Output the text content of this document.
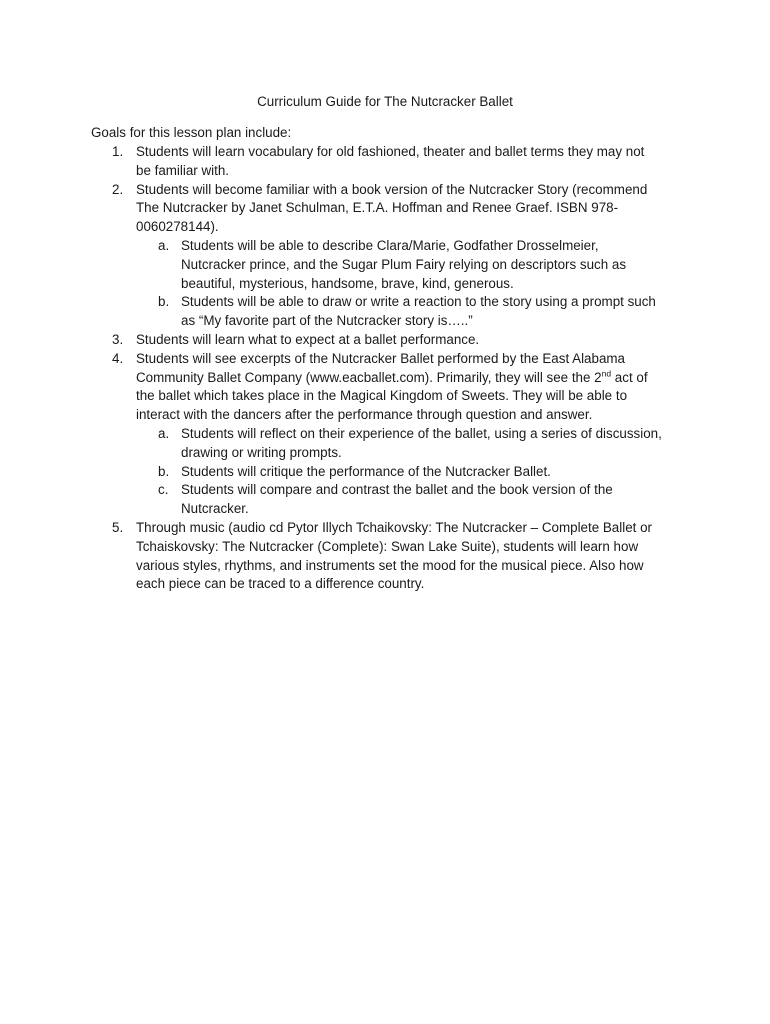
Curriculum Guide for The Nutcracker Ballet

Goals for this lesson plan include:

1. Students will learn vocabulary for old fashioned, theater and ballet terms they may not
be familiar with.
2. Students will become familiar with a book version of the Nutcracker Story (recommend
The Nutcracker by Janet Schulman, E.T.A. Hoffman and Renee Graef. ISBN 978-
0060278144).
a. Students will be able to describe Clara/Marie, Godfather Drosselmeier,
Nutcracker prince, and the Sugar Plum Fairy relying on descriptors such as
beautiful, mysterious, handsome, brave, kind, generous.
b. Students will be able to draw or write a reaction to the story using a prompt such
as “My favorite part of the Nutcracker story is…..”
3. Students will learn what to expect at a ballet performance.
4. Students will see excerpts of the Nutcracker Ballet performed by the East Alabama
Community Ballet Company (www.eacballet.com). Primarily, they will see the 2nd act of
the ballet which takes place in the Magical Kingdom of Sweets. They will be able to
interact with the dancers after the performance through question and answer.
a. Students will reflect on their experience of the ballet, using a series of discussion,
drawing or writing prompts.
b. Students will critique the performance of the Nutcracker Ballet.
c. Students will compare and contrast the ballet and the book version of the
Nutcracker.
5. Through music (audio cd Pytor Illych Tchaikovsky: The Nutcracker – Complete Ballet or
Tchaiskovsky: The Nutcracker (Complete): Swan Lake Suite), students will learn how
various styles, rhythms, and instruments set the mood for the musical piece. Also how
each piece can be traced to a difference country.
